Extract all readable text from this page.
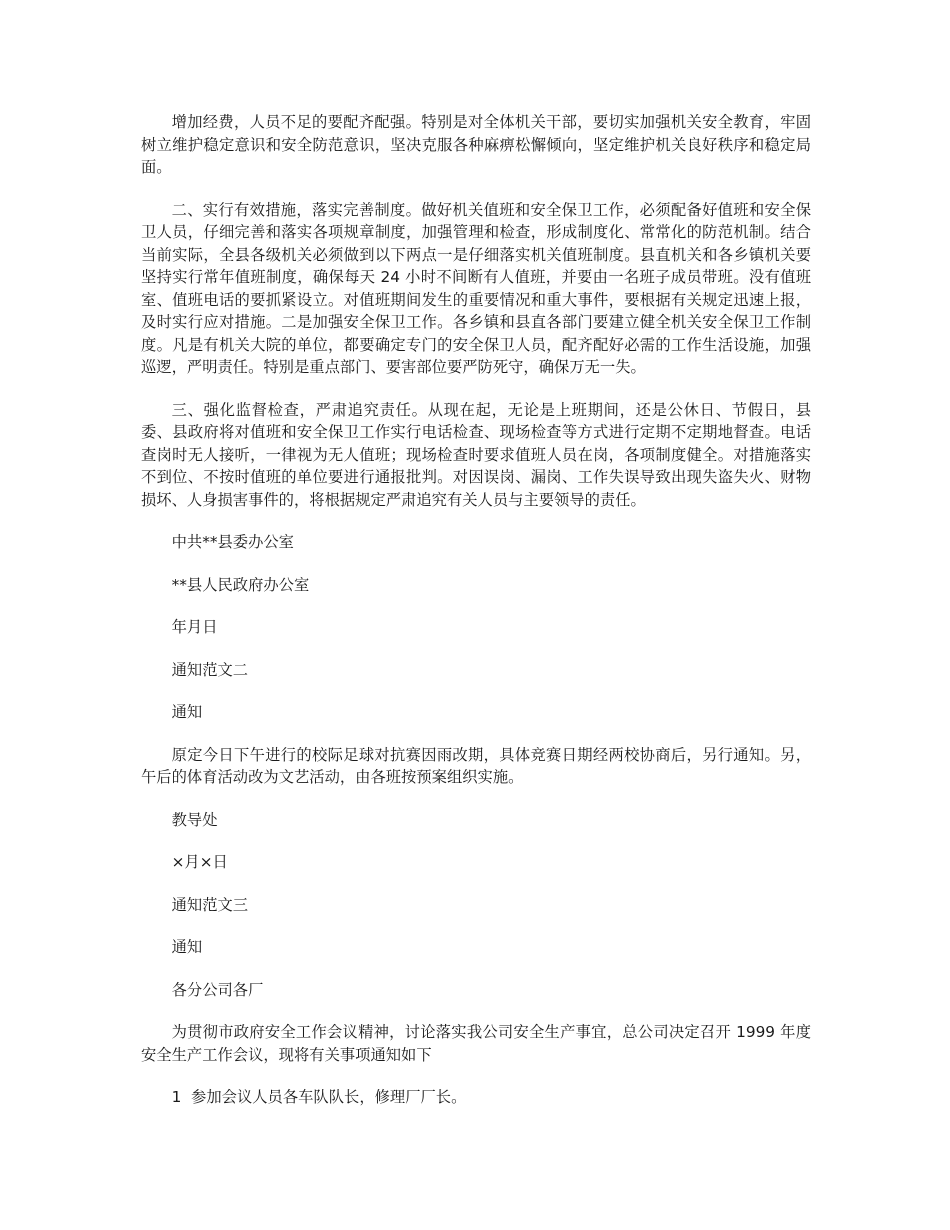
增加经费，人员不足的要配齐配强。特别是对全体机关干部，要切实加强机关安全教育，牢固树立维护稳定意识和安全防范意识，坚决克服各种麻痹松懈倾向，坚定维护机关良好秩序和稳定局面。

二、实行有效措施，落实完善制度。做好机关值班和安全保卫工作，必须配备好值班和安全保卫人员，仔细完善和落实各项规章制度，加强管理和检查，形成制度化、常常化的防范机制。结合当前实际，全县各级机关必须做到以下两点一是仔细落实机关值班制度。县直机关和各乡镇机关要坚持实行常年值班制度，确保每天 24 小时不间断有人值班，并要由一名班子成员带班。没有值班室、值班电话的要抓紧设立。对值班期间发生的重要情况和重大事件，要根据有关规定迅速上报，及时实行应对措施。二是加强安全保卫工作。各乡镇和县直各部门要建立健全机关安全保卫工作制度。凡是有机关大院的单位，都要确定专门的安全保卫人员，配齐配好必需的工作生活设施，加强巡逻，严明责任。特别是重点部门、要害部位要严防死守，确保万无一失。

三、强化监督检查，严肃追究责任。从现在起，无论是上班期间，还是公休日、节假日，县委、县政府将对值班和安全保卫工作实行电话检查、现场检查等方式进行定期不定期地督查。电话查岗时无人接听，一律视为无人值班；现场检查时要求值班人员在岗，各项制度健全。对措施落实不到位、不按时值班的单位要进行通报批判。对因误岗、漏岗、工作失误导致出现失盗失火、财物损坏、人身损害事件的，将根据规定严肃追究有关人员与主要领导的责任。

中共**县委办公室

**县人民政府办公室

年月日

通知范文二

通知

原定今日下午进行的校际足球对抗赛因雨改期，具体竞赛日期经两校协商后，另行通知。另，午后的体育活动改为文艺活动，由各班按预案组织实施。

教导处

×月×日

通知范文三

通知

各分公司各厂

为贯彻市政府安全工作会议精神，讨论落实我公司安全生产事宜，总公司决定召开 1999 年度安全生产工作会议，现将有关事项通知如下

1  参加会议人员各车队队长，修理厂厂长。
